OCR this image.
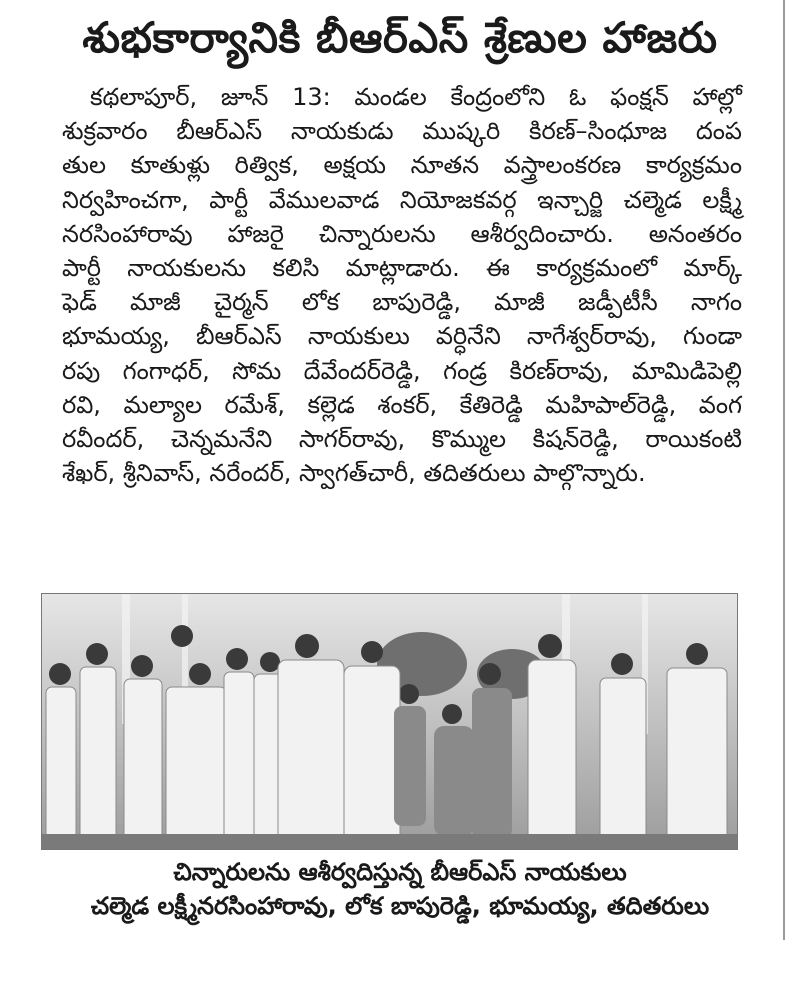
శుభకార్యానికి బీఆర్ఎస్ శ్రేణుల హాజరు
కథలాపూర్, జూన్ 13: మండల కేంద్రంలోని ఓ ఫంక్షన్ హాల్లో
శుక్రవారం బీఆర్ఎస్ నాయకుడు ముష్కరి కిరణ్–సింధూజ దంప
తుల కూతుళ్లు రిత్విక, అక్షయ నూతన వస్త్రాలంకరణ కార్యక్రమం
నిర్వహించగా, పార్టీ వేములవాడ నియోజకవర్గ ఇన్చార్జి చల్మెడ లక్ష్మీ
నరసింహారావు హాజరై చిన్నారులను ఆశీర్వదించారు. అనంతరం
పార్టీ నాయకులను కలిసి మాట్లాడారు. ఈ కార్యక్రమంలో మార్క్
ఫెడ్ మాజీ చైర్మన్ లోక బాపురెడ్డి, మాజీ జడ్పీటీసీ నాగం
భూమయ్య, బీఆర్ఎస్ నాయకులు వర్ధినేని నాగేశ్వర్‌రావు, గుండా
రపు గంగాధర్, సోమ దేవేందర్‌రెడ్డి, గండ్ర కిరణ్‌రావు, మామిడిపెల్లి
రవి, మల్యాల రమేశ్, కల్లెడ శంకర్, కేతిరెడ్డి మహిపాల్‌రెడ్డి, వంగ
రవీందర్, చెన్నమనేని సాగర్‌రావు, కొమ్ముల కిషన్‌రెడ్డి, రాయికంటి
శేఖర్, శ్రీనివాస్, నరేందర్, స్వాగత్‌చారీ, తదితరులు పాల్గొన్నారు.
చిన్నారులను ఆశీర్వదిస్తున్న బీఆర్ఎస్ నాయకులు
చల్మెడ లక్ష్మీనరసింహారావు, లోక బాపురెడ్డి, భూమయ్య, తదితరులు
